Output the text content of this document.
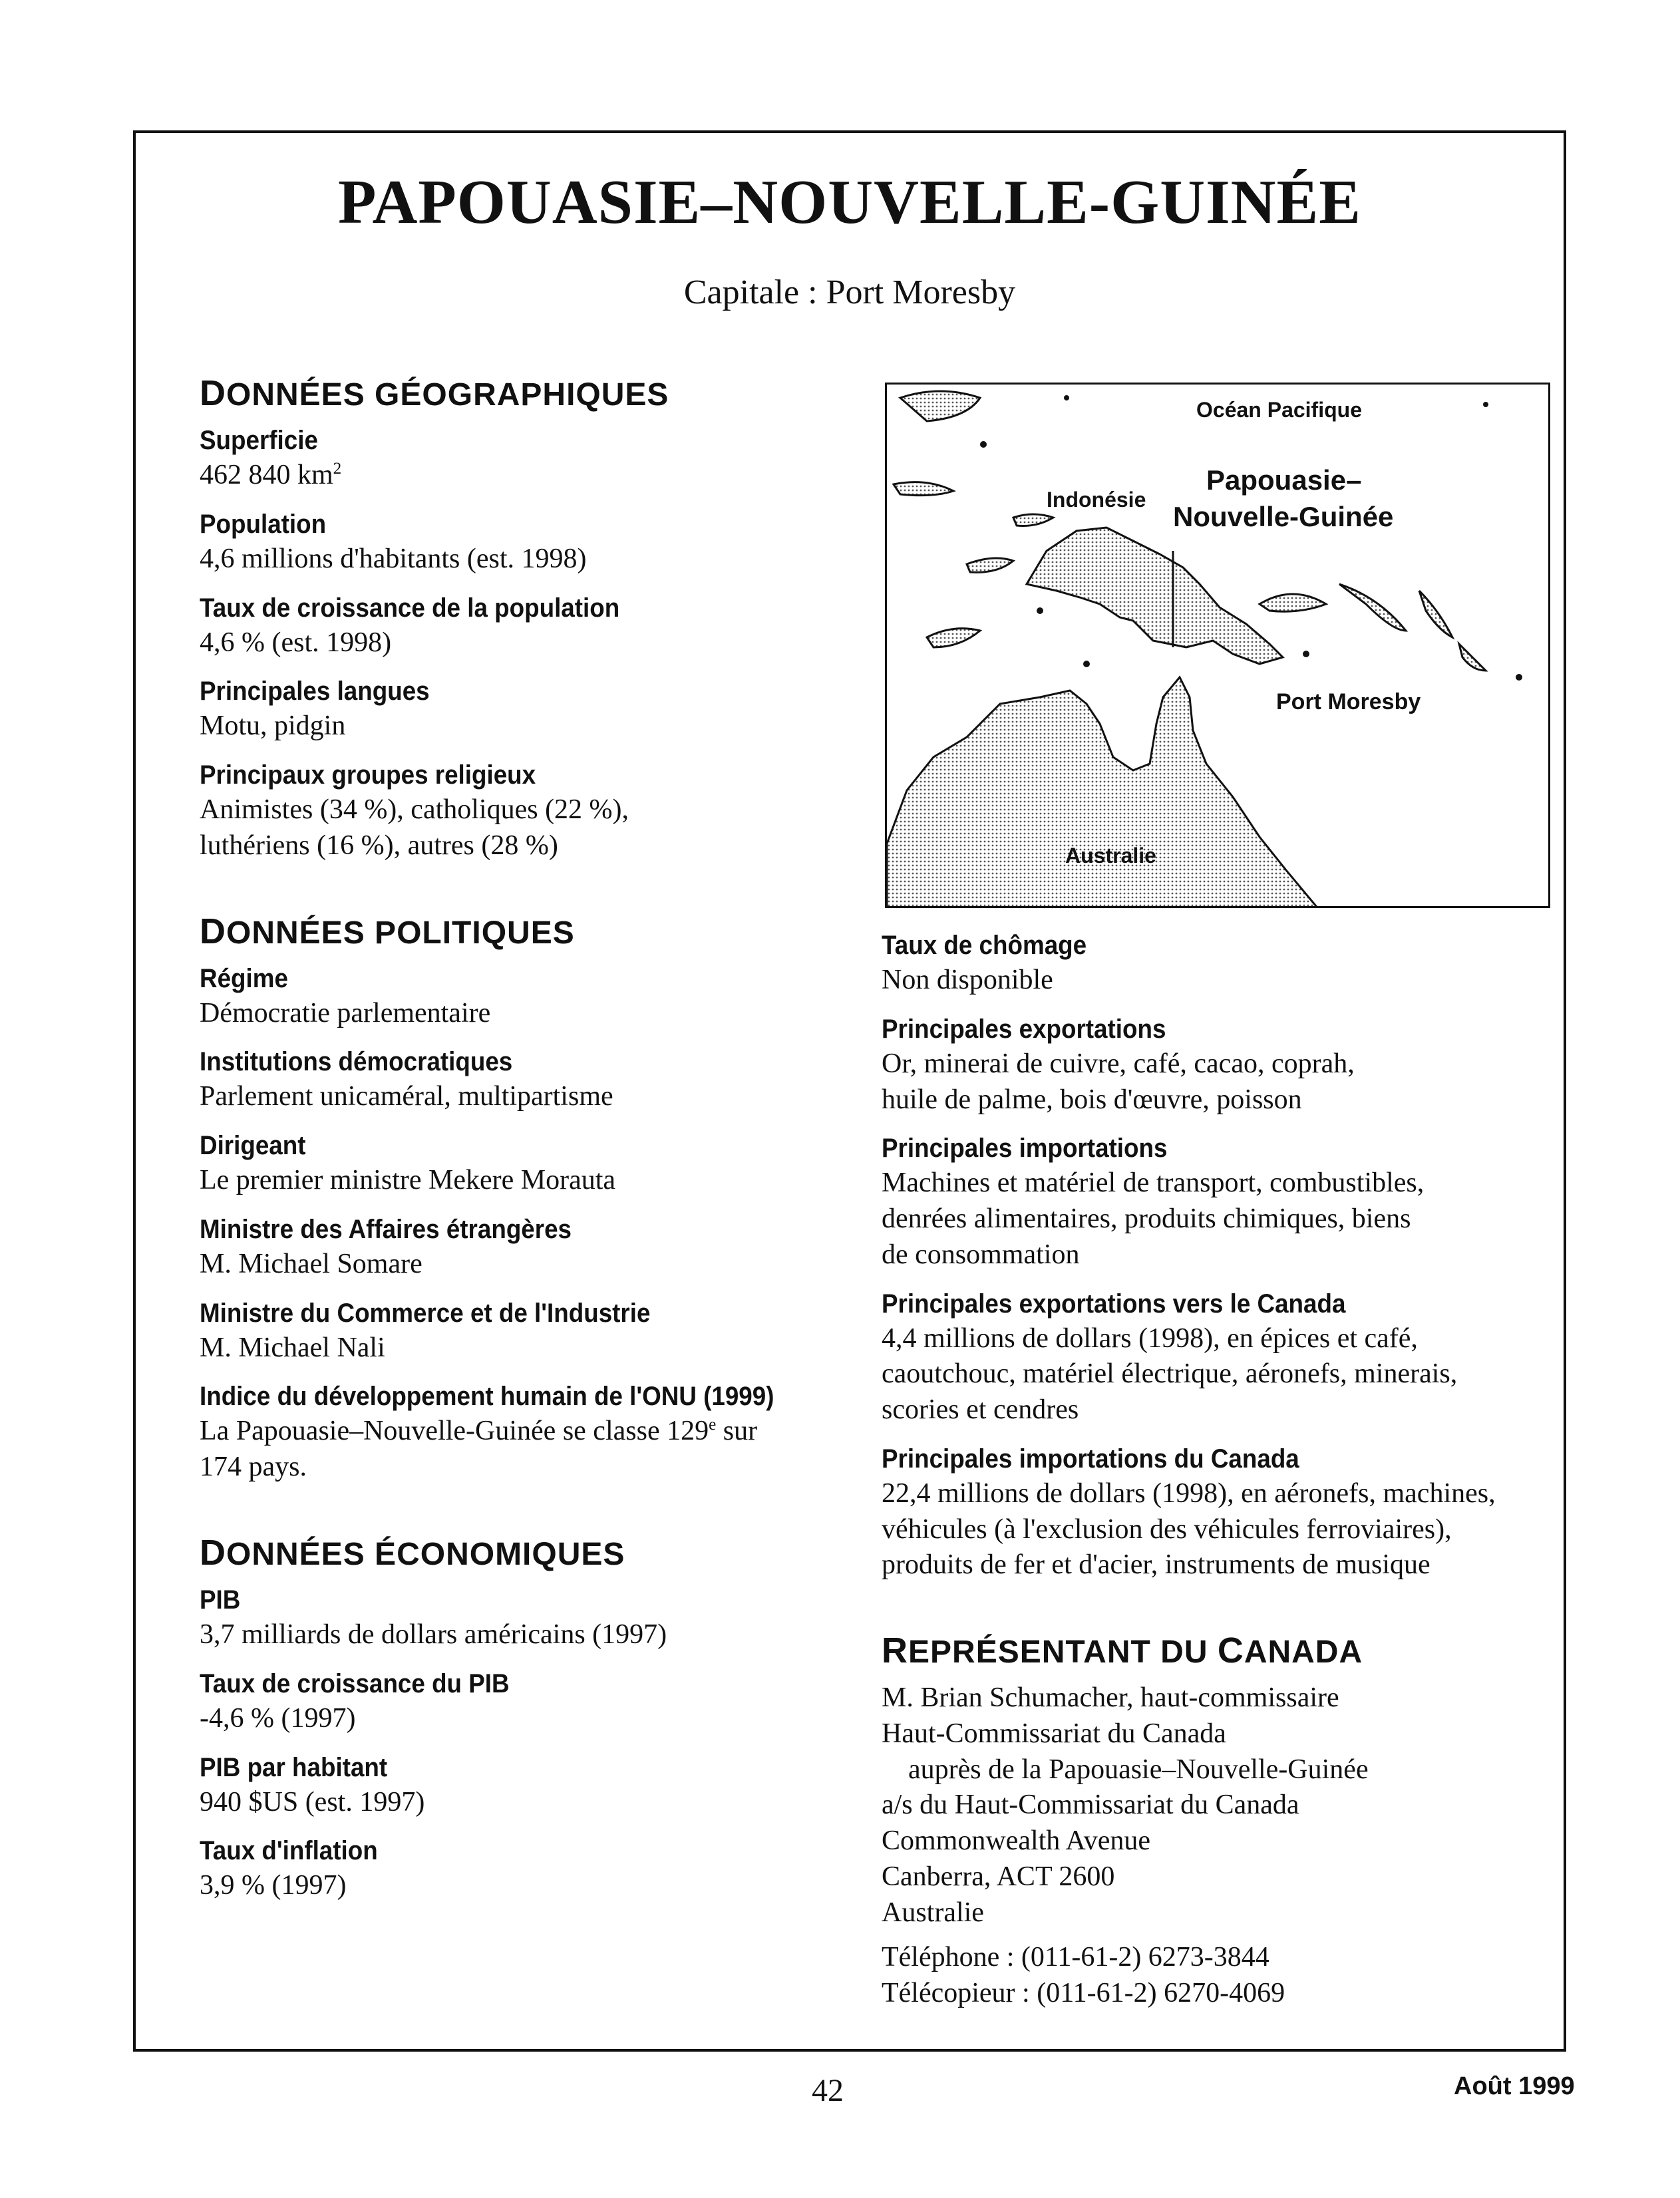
PAPOUASIE–NOUVELLE-GUINÉE

Capitale : Port Moresby

DONNÉES GÉOGRAPHIQUES
Superficie
462 840 $km^2$
Population
4,6 millions d'habitants (est. 1998)
Taux de croissance de la population
4,6 % (est. 1998)
Principales langues
Motu, pidgin
Principaux groupes religieux
Animistes (34 %), catholiques (22 %),
luthériens (16 %), autres (28 %)
DONNÉES POLITIQUES
Régime
Démocratie parlementaire
Institutions démocratiques
Parlement unicaméral, multipartisme
Dirigeant
Le premier ministre Mekere Morauta
Ministre des Affaires étrangères
M. Michael Somare
Ministre du Commerce et de l'Industrie
M. Michael Nali
Indice du développement humain de l'ONU (1999)
La Papouasie–Nouvelle-Guinée se classe 129e sur
174 pays.
DONNÉES ÉCONOMIQUES
PIB
3,7 milliards de dollars américains (1997)
Taux de croissance du PIB
-4,6 % (1997)
PIB par habitant
940 $US (est. 1997)
Taux d'inflation
3,9 % (1997)
Océan Pacifique
Indonésie
Papouasie–
Nouvelle-Guinée
Port Moresby
Australie
Taux de chômage
Non disponible
Principales exportations
Or, minerai de cuivre, café, cacao, coprah,
huile de palme, bois d'œuvre, poisson
Principales importations
Machines et matériel de transport, combustibles,
denrées alimentaires, produits chimiques, biens
de consommation
Principales exportations vers le Canada
4,4 millions de dollars (1998), en épices et café,
caoutchouc, matériel électrique, aéronefs, minerais,
scories et cendres
Principales importations du Canada
22,4 millions de dollars (1998), en aéronefs, machines,
véhicules (à l'exclusion des véhicules ferroviaires),
produits de fer et d'acier, instruments de musique
REPRÉSENTANT DU CANADA
M. Brian Schumacher, haut-commissaire
Haut-Commissariat du Canada
auprès de la Papouasie–Nouvelle-Guinée
a/s du Haut-Commissariat du Canada
Commonwealth Avenue
Canberra, ACT 2600
Australie
Téléphone : (011-61-2) 6273-3844
Télécopieur : (011-61-2) 6270-4069
42	Août 1999
